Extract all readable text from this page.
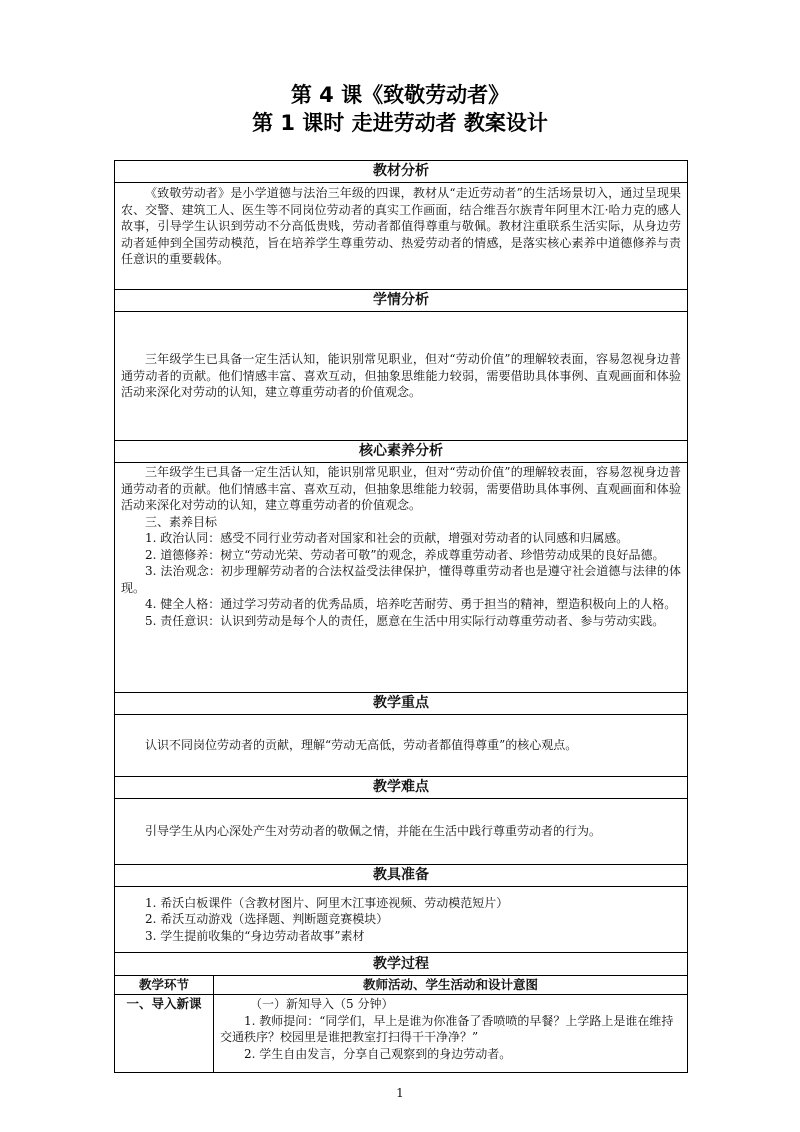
第 4 课《致敬劳动者》
第 1 课时 走进劳动者 教案设计
教材分析

《致敬劳动者》是小学道德与法治三年级的四课，教材从“走近劳动者”的生活场景切入，通过呈现果农、交警、建筑工人、医生等不同岗位劳动者的真实工作画面，结合维吾尔族青年阿里木江·哈力克的感人故事，引导学生认识到劳动不分高低贵贱，劳动者都值得尊重与敬佩。教材注重联系生活实际，从身边劳动者延伸到全国劳动模范，旨在培养学生尊重劳动、热爱劳动者的情感，是落实核心素养中道德修养与责任意识的重要载体。

学情分析

三年级学生已具备一定生活认知，能识别常见职业，但对“劳动价值”的理解较表面，容易忽视身边普通劳动者的贡献。他们情感丰富、喜欢互动，但抽象思维能力较弱，需要借助具体事例、直观画面和体验活动来深化对劳动的认知，建立尊重劳动者的价值观念。

核心素养分析

三年级学生已具备一定生活认知，能识别常见职业，但对“劳动价值”的理解较表面，容易忽视身边普通劳动者的贡献。他们情感丰富、喜欢互动，但抽象思维能力较弱，需要借助具体事例、直观画面和体验活动来深化对劳动的认知，建立尊重劳动者的价值观念。

三、素养目标

1. 政治认同：感受不同行业劳动者对国家和社会的贡献，增强对劳动者的认同感和归属感。

2. 道德修养：树立“劳动光荣、劳动者可敬”的观念，养成尊重劳动者、珍惜劳动成果的良好品德。

3. 法治观念：初步理解劳动者的合法权益受法律保护，懂得尊重劳动者也是遵守社会道德与法律的体现。

4. 健全人格：通过学习劳动者的优秀品质，培养吃苦耐劳、勇于担当的精神，塑造积极向上的人格。

5. 责任意识：认识到劳动是每个人的责任，愿意在生活中用实际行动尊重劳动者、参与劳动实践。

教学重点

认识不同岗位劳动者的贡献，理解“劳动无高低，劳动者都值得尊重”的核心观点。

教学难点

引导学生从内心深处产生对劳动者的敬佩之情，并能在生活中践行尊重劳动者的行为。

教具准备

1. 希沃白板课件（含教材图片、阿里木江事迹视频、劳动模范短片）

2. 希沃互动游戏（选择题、判断题竞赛模块）

3. 学生提前收集的“身边劳动者故事”素材

教学过程
教学环节	教师活动、学生活动和设计意图
一、导入新课	（一）新知导入（5 分钟）

1. 教师提问：“同学们，早上是谁为你准备了香喷喷的早餐？上学路上是谁在维持交通秩序？校园里是谁把教室打扫得干干净净？”

2. 学生自由发言，分享自己观察到的身边劳动者。

1
